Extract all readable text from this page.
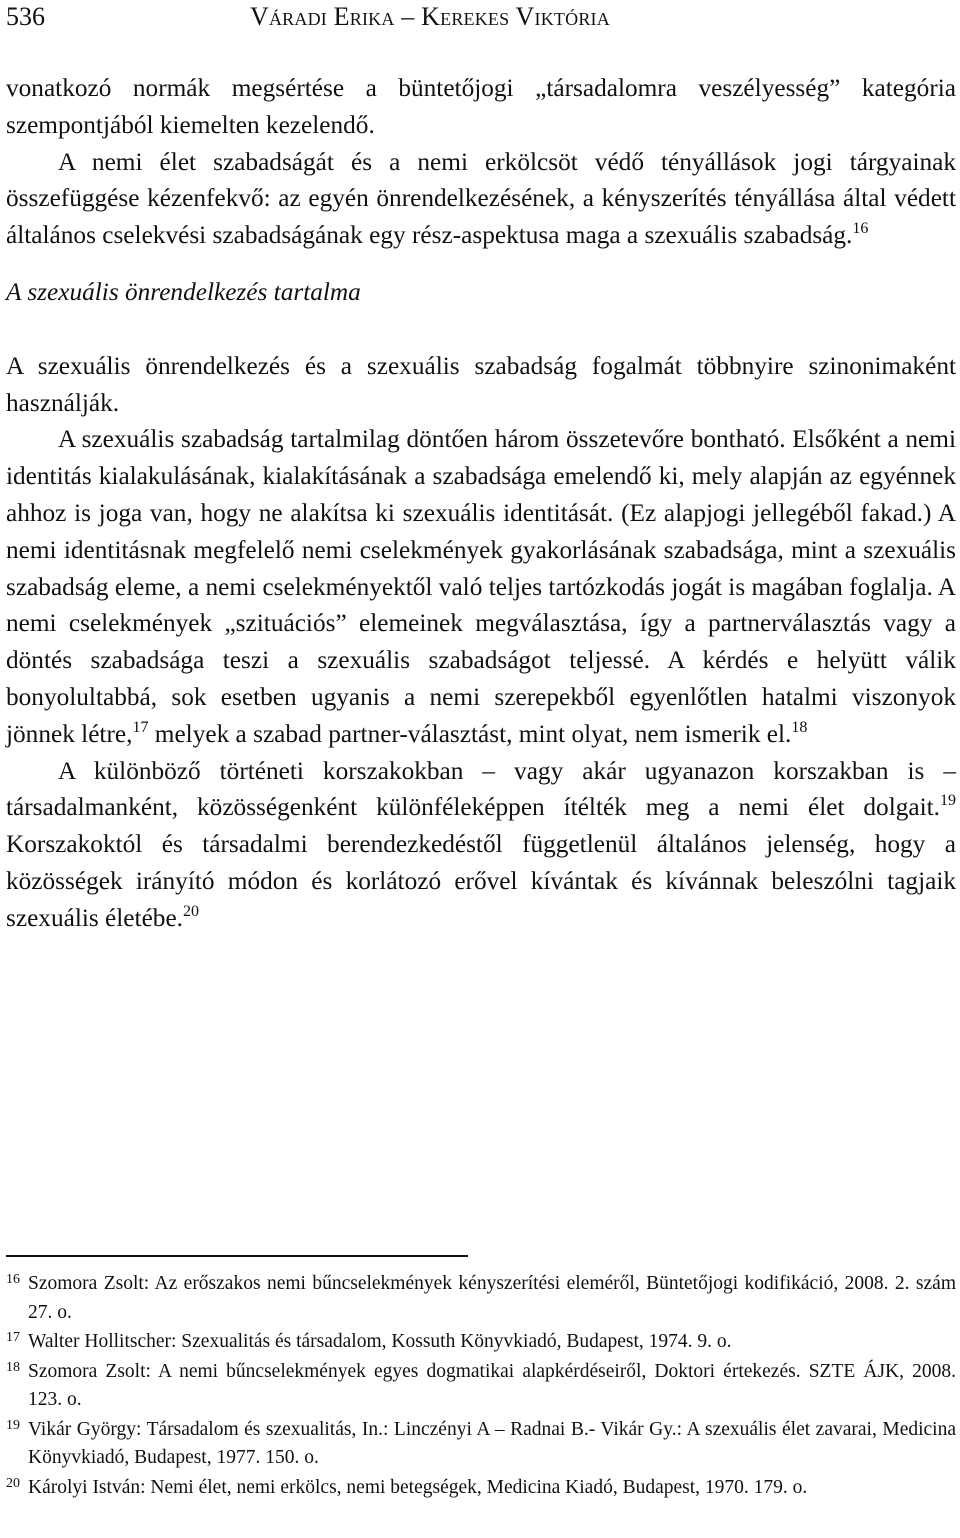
536	Váradi Erika – Kerekes Viktória

vonatkozó normák megsértése a büntetőjogi „társadalomra veszélyesség” kategória szempontjából kiemelten kezelendő.

A nemi élet szabadságát és a nemi erkölcsöt védő tényállások jogi tárgyainak összefüggése kézenfekvő: az egyén önrendelkezésének, a kényszerítés tényállása által védett általános cselekvési szabadságának egy rész-aspektusa maga a szexuális szabadság.$^{16}$

A szexuális önrendelkezés tartalma

A szexuális önrendelkezés és a szexuális szabadság fogalmát többnyire szinonimaként használják.

A szexuális szabadság tartalmilag döntően három összetevőre bontható. Elsőként a nemi identitás kialakulásának, kialakításának a szabadsága emelendő ki, mely alapján az egyénnek ahhoz is joga van, hogy ne alakítsa ki szexuális identitását. (Ez alapjogi jellegéből fakad.) A nemi identitásnak megfelelő nemi cselekmények gyakorlásának szabadsága, mint a szexuális szabadság eleme, a nemi cselekményektől való teljes tartózkodás jogát is magában foglalja. A nemi cselekmények „szituációs” elemeinek megválasztása, így a partnerválasztás vagy a döntés szabadsága teszi a szexuális szabadságot teljessé. A kérdés e helyütt válik bonyolultabbá, sok esetben ugyanis a nemi szerepekből egyenlőtlen hatalmi viszonyok jönnek létre,$^{17}$ melyek a szabad partner-választást, mint olyat, nem ismerik el.$^{18}$

A különböző történeti korszakokban – vagy akár ugyanazon korszakban is – társadalmanként, közösségenként különféleképpen ítélték meg a nemi élet dolgait.$^{19}$ Korszakoktól és társadalmi berendezkedéstől függetlenül általános jelenség, hogy a közösségek irányító módon és korlátozó erővel kívántak és kívánnak beleszólni tagjaik szexuális életébe.$^{20}$

16 Szomora Zsolt: Az erőszakos nemi bűncselekmények kényszerítési eleméről, Büntetőjogi kodifikáció, 2008. 2. szám 27. o.

17 Walter Hollitscher: Szexualitás és társadalom, Kossuth Könyvkiadó, Budapest, 1974. 9. o.

18 Szomora Zsolt: A nemi bűncselekmények egyes dogmatikai alapkérdéseiről, Doktori értekezés. SZTE ÁJK, 2008. 123. o.

19 Vikár György: Társadalom és szexualitás, In.: Linczényi A – Radnai B.- Vikár Gy.: A szexuális élet zavarai, Medicina Könyvkiadó, Budapest, 1977. 150. o.

20 Károlyi István: Nemi élet, nemi erkölcs, nemi betegségek, Medicina Kiadó, Budapest, 1970. 179. o.
